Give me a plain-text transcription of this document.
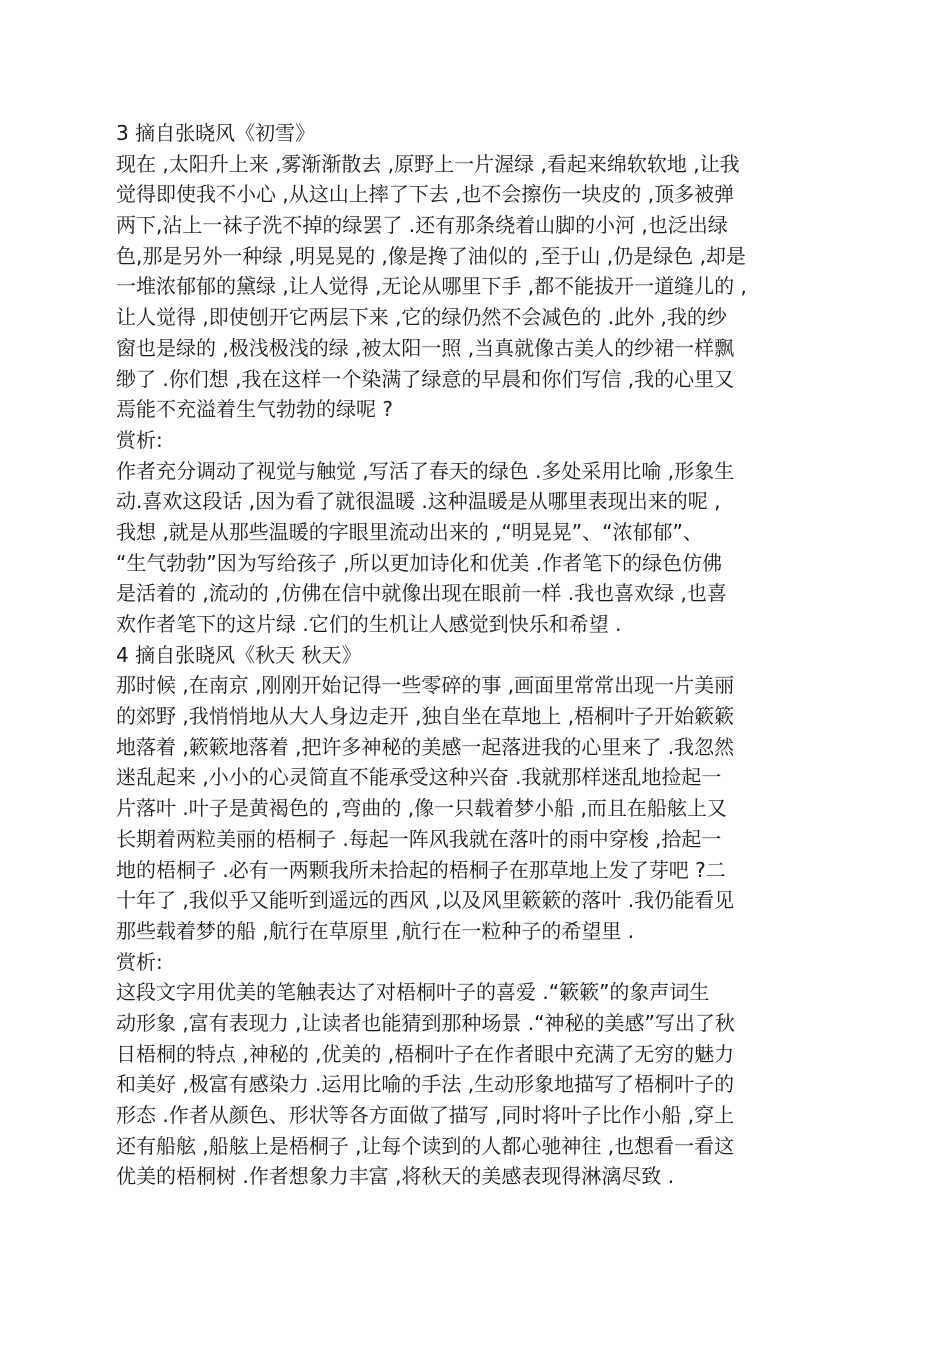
3 摘自张晓风《初雪》
现在 ,太阳升上来 ,雾渐渐散去 ,原野上一片渥绿 ,看起来绵软软地 ,让我
觉得即使我不小心 ,从这山上摔了下去 ,也不会擦伤一块皮的 ,顶多被弹
两下,沾上一袜子洗不掉的绿罢了 .还有那条绕着山脚的小河 ,也泛出绿
色,那是另外一种绿 ,明晃晃的 ,像是搀了油似的 ,至于山 ,仍是绿色 ,却是
一堆浓郁郁的黛绿 ,让人觉得 ,无论从哪里下手 ,都不能拔开一道缝儿的 ,
让人觉得 ,即使刨开它两层下来 ,它的绿仍然不会减色的 .此外 ,我的纱
窗也是绿的 ,极浅极浅的绿 ,被太阳一照 ,当真就像古美人的纱裙一样飘
缈了 .你们想 ,我在这样一个染满了绿意的早晨和你们写信 ,我的心里又
焉能不充溢着生气勃勃的绿呢 ?
赏析:
作者充分调动了视觉与触觉 ,写活了春天的绿色 .多处采用比喻 ,形象生
动.喜欢这段话 ,因为看了就很温暖 .这种温暖是从哪里表现出来的呢 ,
我想 ,就是从那些温暖的字眼里流动出来的 ,“明晃晃”、“浓郁郁”、
“生气勃勃”因为写给孩子 ,所以更加诗化和优美 .作者笔下的绿色仿佛
是活着的 ,流动的 ,仿佛在信中就像出现在眼前一样 .我也喜欢绿 ,也喜
欢作者笔下的这片绿 .它们的生机让人感觉到快乐和希望 .
4 摘自张晓风《秋天 秋天》
那时候 ,在南京 ,刚刚开始记得一些零碎的事 ,画面里常常出现一片美丽
的郊野 ,我悄悄地从大人身边走开 ,独自坐在草地上 ,梧桐叶子开始簌簌
地落着 ,簌簌地落着 ,把许多神秘的美感一起落进我的心里来了 .我忽然
迷乱起来 ,小小的心灵简直不能承受这种兴奋 .我就那样迷乱地捡起一
片落叶 .叶子是黄褐色的 ,弯曲的 ,像一只载着梦小船 ,而且在船舷上又
长期着两粒美丽的梧桐子 .每起一阵风我就在落叶的雨中穿梭 ,拾起一
地的梧桐子 .必有一两颗我所未拾起的梧桐子在那草地上发了芽吧 ?二
十年了 ,我似乎又能听到遥远的西风 ,以及风里簌簌的落叶 .我仍能看见
那些载着梦的船 ,航行在草原里 ,航行在一粒种子的希望里 .
赏析:
这段文字用优美的笔触表达了对梧桐叶子的喜爱 .“簌簌”的象声词生
动形象 ,富有表现力 ,让读者也能猜到那种场景 .“神秘的美感”写出了秋
日梧桐的特点 ,神秘的 ,优美的 ,梧桐叶子在作者眼中充满了无穷的魅力
和美好 ,极富有感染力 .运用比喻的手法 ,生动形象地描写了梧桐叶子的
形态 .作者从颜色、形状等各方面做了描写 ,同时将叶子比作小船 ,穿上
还有船舷 ,船舷上是梧桐子 ,让每个读到的人都心驰神往 ,也想看一看这
优美的梧桐树 .作者想象力丰富 ,将秋天的美感表现得淋漓尽致 .
